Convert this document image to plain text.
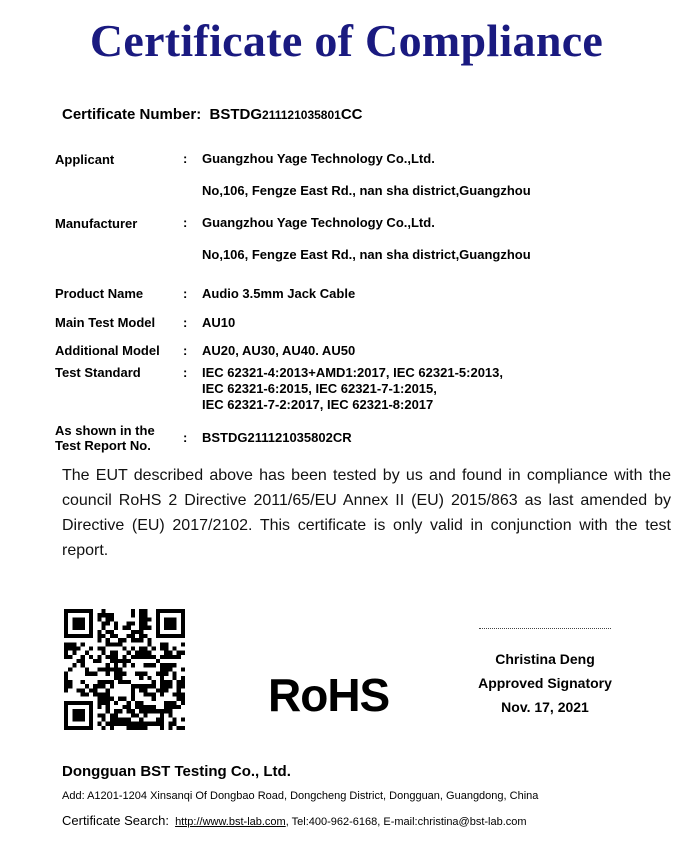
Certificate of Compliance
Certificate Number: BSTDG211121035801CC
Applicant	: Guangzhou Yage Technology Co.,Ltd.
No,106, Fengze East Rd., nan sha district,Guangzhou
Manufacturer	: Guangzhou Yage Technology Co.,Ltd.
No,106, Fengze East Rd., nan sha district,Guangzhou
Product Name	: Audio 3.5mm Jack Cable
Main Test Model : AU10
Additional Model : AU20, AU30, AU40. AU50
Test Standard	: IEC 62321-4:2013+AMD1:2017, IEC 62321-5:2013,
IEC 62321-6:2015, IEC 62321-7-1:2015,
IEC 62321-7-2:2017, IEC 62321-8:2017
As shown in the
Test Report No.
: BSTDG211121035802CR
The EUT described above has been tested by us and found in compliance with the council RoHS 2 Directive 2011/65/EU Annex II (EU) 2015/863 as last amended by Directive (EU) 2017/2102. This certificate is only valid in conjunction with the test report.
RoHS
Christina Deng
Approved Signatory
Nov. 17, 2021
Dongguan BST Testing Co., Ltd.
Add: A1201-1204 Xinsanqi Of Dongbao Road, Dongcheng District, Dongguan, Guangdong, China
Certificate Search: http://www.bst-lab.com, Tel:400-962-6168, E-mail:christina@bst-lab.com
